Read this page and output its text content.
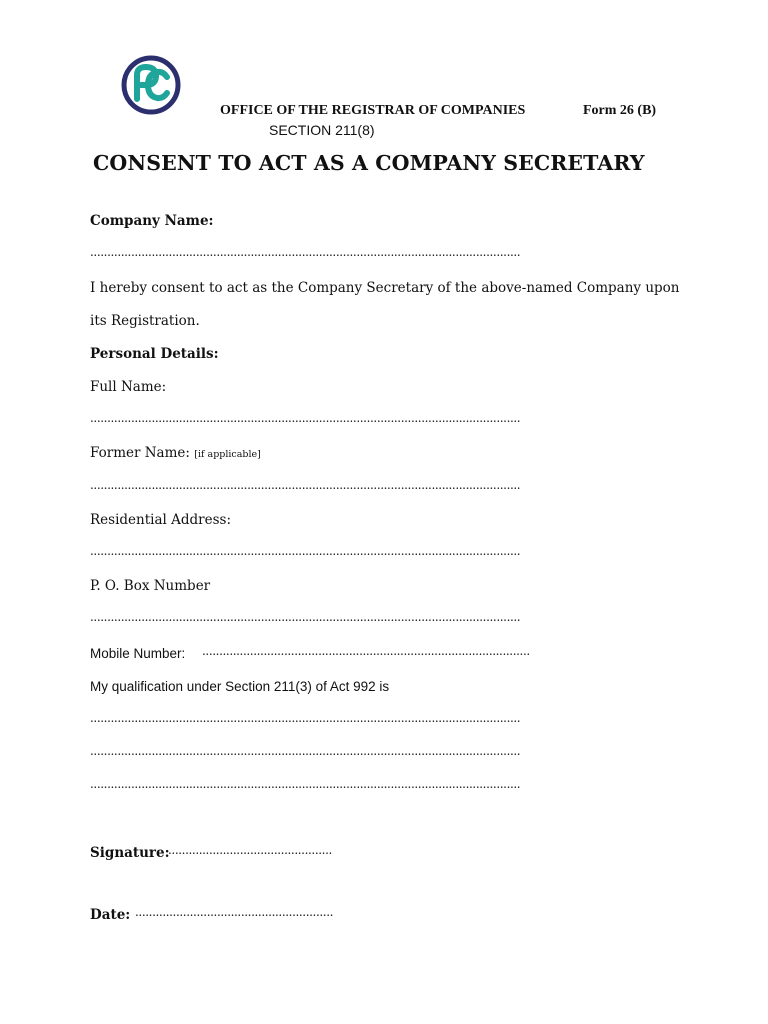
OFFICE OF THE REGISTRAR OF COMPANIES	Form 26 (B)
SECTION 211(8)
CONSENT TO ACT AS A COMPANY SECRETARY
Company Name:
..............................................................................................................................
I hereby consent to act as the Company Secretary of the above-named Company upon
its Registration.
Personal Details:
Full Name:
..............................................................................................................................
Former Name: [if applicable]
..............................................................................................................................
Residential Address:
..............................................................................................................................
P. O. Box Number
..............................................................................................................................
Mobile Number: ................................................................................................
My qualification under Section 211(3) of Act 992 is
..............................................................................................................................
..............................................................................................................................
..............................................................................................................................
Signature:
................................................
Date: ..........................................................
